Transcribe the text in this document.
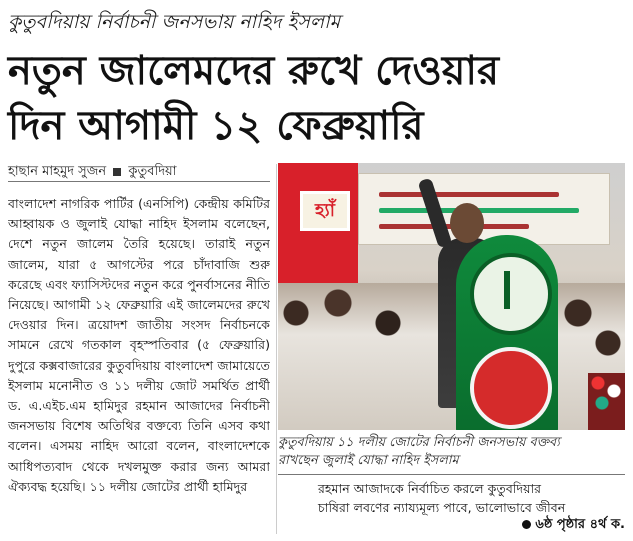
কুতুবদিয়ায় নির্বাচনী জনসভায় নাহিদ ইসলাম
নতুন জালেমদের রুখে দেওয়ার
দিন আগামী ১২ ফেব্রুয়ারি
হাছান মাহমুদ সুজন কুতুবদিয়া

বাংলাদেশ নাগরিক পার্টির (এনসিপি) কেন্দ্রীয় কমিটির আহ্বায়ক ও জুলাই যোদ্ধা নাহিদ ইসলাম বলেছেন, দেশে নতুন জালেম তৈরি হয়েছে। তারাই নতুন জালেম, যারা ৫ আগস্টের পরে চাঁদাবাজি শুরু করেছে এবং ফ্যাসিস্টদের নতুন করে পুনর্বাসনের নীতি নিয়েছে। আগামী ১২ ফেব্রুয়ারি এই জালেমদের রুখে দেওয়ার দিন। ত্রয়োদশ জাতীয় সংসদ নির্বাচনকে সামনে রেখে গতকাল বৃহস্পতিবার (৫ ফেব্রুয়ারি) দুপুরে কক্সবাজারের কুতুবদিয়ায় বাংলাদেশ জামায়েতে ইসলাম মনোনীত ও ১১ দলীয় জোট সমর্থিত প্রার্থী ড. এ.এইচ.এম হামিদুর রহমান আজাদের নির্বাচনী জনসভায় বিশেষ অতিথির বক্তব্যে তিনি এসব কথা বলেন। এসময় নাহিদ আরো বলেন, বাংলাদেশকে আধিপত্যবাদ থেকে দখলমুক্ত করার জন্য আমরা ঐক্যবদ্ধ হয়েছি। ১১ দলীয় জোটের প্রার্থী হামিদুর

হ্যাঁ
কুতুবদিয়ায় ১১ দলীয় জোটের নির্বাচনী জনসভায় বক্তব্য
রাখছেন জুলাই যোদ্ধা নাহিদ ইসলাম
রহমান আজাদকে নির্বাচিত করলে কুতুবদিয়ার
চাষিরা লবণের ন্যায্যমূল্য পাবে, ভালোভাবে জীবন
৬ষ্ঠ পৃষ্ঠার ৪র্থ ক.
